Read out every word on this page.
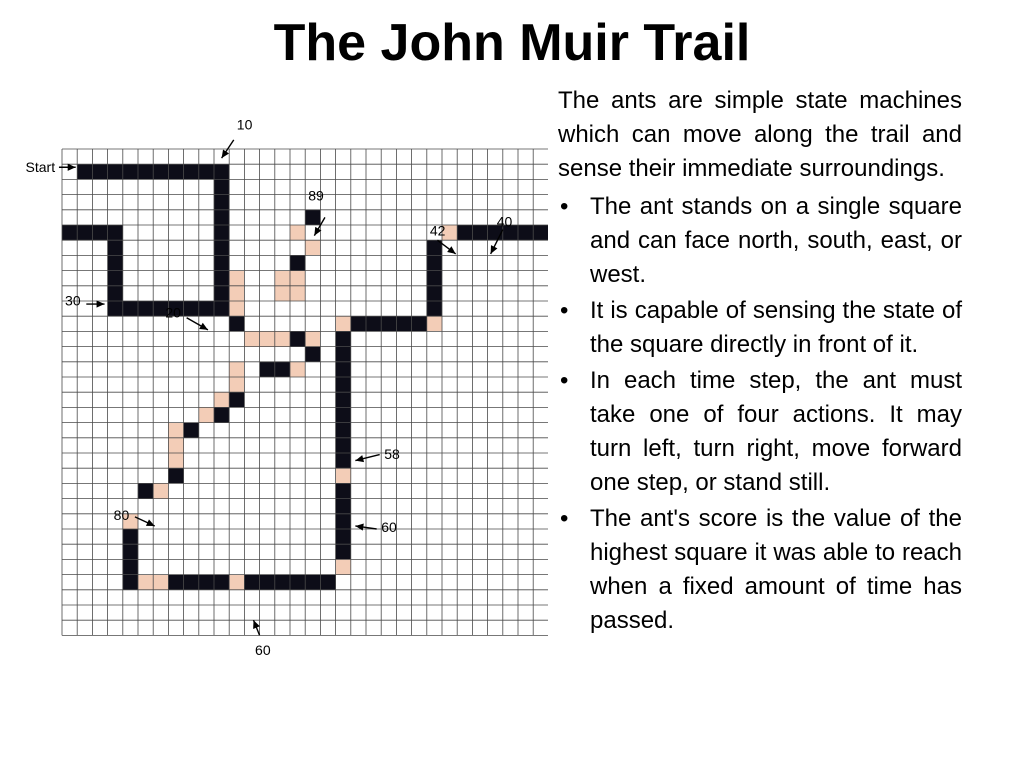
The John Muir Trail
Start
10
89
42
40
30
20
58
80
60
60

The ants are simple state machines which can move along the trail and sense their immediate surroundings.

• The ant stands on a single square and can face north, south, east, or west.
• It is capable of sensing the state of the square directly in front of it.
• In each time step, the ant must take one of four actions. It may turn left, turn right, move forward one step, or stand still.
• The ant's score is the value of the highest square it was able to reach when a fixed amount of time has passed.
